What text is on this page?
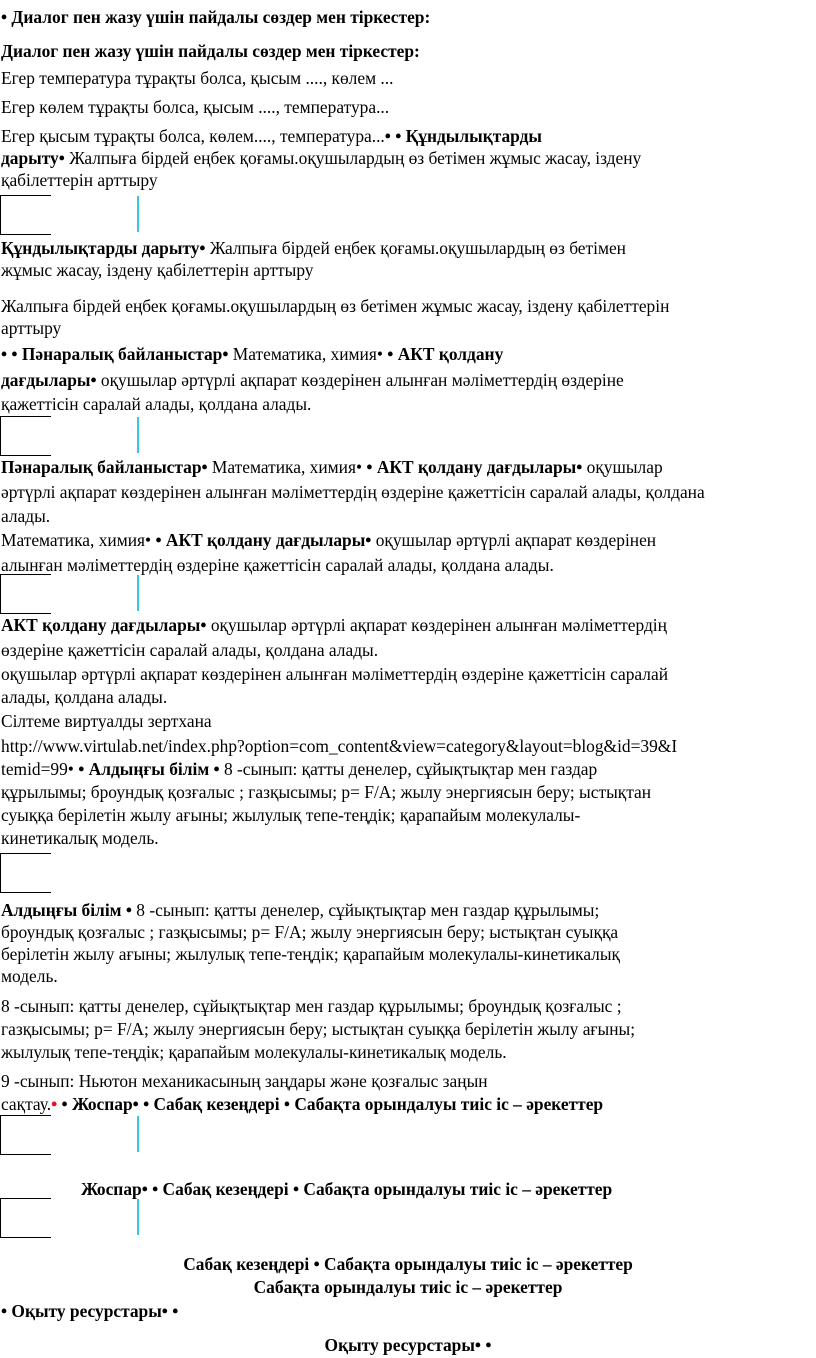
• Диалог пен жазу үшін пайдалы сөздер мен тіркестер:
Диалог пен жазу үшін пайдалы сөздер мен тіркестер:
Егер температура тұрақты болса, қысым ...., көлем ...
Егер көлем тұрақты болса, қысым ...., температура...
Егер қысым тұрақты болса, көлем...., температура...• • Құндылықтарды
дарыту• Жалпыға бірдей еңбек қоғамы.оқушылардың өз бетімен жұмыс жасау, іздену
қабілеттерін арттыру
Құндылықтарды дарыту• Жалпыға бірдей еңбек қоғамы.оқушылардың өз бетімен
жұмыс жасау, іздену қабілеттерін арттыру
Жалпыға бірдей еңбек қоғамы.оқушылардың өз бетімен жұмыс жасау, іздену қабілеттерін
арттыру
• • Пәнаралық байланыстар• Математика, химия• • АКТ қолдану
дағдылары• оқушылар әртүрлі ақпарат көздерінен алынған мәліметтердің өздеріне
қажеттісін саралай алады, қолдана алады.
Пәнаралық байланыстар• Математика, химия• • АКТ қолдану дағдылары• оқушылар
әртүрлі ақпарат көздерінен алынған мәліметтердің өздеріне қажеттісін саралай алады, қолдана
алады.
Математика, химия• • АКТ қолдану дағдылары• оқушылар әртүрлі ақпарат көздерінен
алынған мәліметтердің өздеріне қажеттісін саралай алады, қолдана алады.
АКТ қолдану дағдылары• оқушылар әртүрлі ақпарат көздерінен алынған мәліметтердің
өздеріне қажеттісін саралай алады, қолдана алады.
оқушылар әртүрлі ақпарат көздерінен алынған мәліметтердің өздеріне қажеттісін саралай
алады, қолдана алады.
Сілтеме виртуалды зертхана
http://www.virtulab.net/index.php?option=com_content&view=category&layout=blog&id=39&I
temid=99• • Алдыңғы білім • 8 -сынып: қатты денелер, сұйықтықтар мен газдар
құрылымы; броундық қозғалыс ; газқысымы; p= F/A; жылу энергиясын беру; ыстықтан
суыққа берілетін жылу ағыны; жылулық тепе-теңдік; қарапайым молекулалы-
кинетикалық модель.
Алдыңғы білім • 8 -сынып: қатты денелер, сұйықтықтар мен газдар құрылымы;
броундық қозғалыс ; газқысымы; p= F/A; жылу энергиясын беру; ыстықтан суыққа
берілетін жылу ағыны; жылулық тепе-теңдік; қарапайым молекулалы-кинетикалық
модель.
8 -сынып: қатты денелер, сұйықтықтар мен газдар құрылымы; броундық қозғалыс ;
газқысымы; p= F/A; жылу энергиясын беру; ыстықтан суыққа берілетін жылу ағыны;
жылулық тепе-теңдік; қарапайым молекулалы-кинетикалық модель.
9 -сынып: Ньютон механикасының заңдары және қозғалыс заңын
сақтау.• • Жоспар• • Сабақ кезеңдері • Сабақта орындалуы тиіс іс – әрекеттер
Жоспар• • Сабақ кезеңдері • Сабақта орындалуы тиіс іс – әрекеттер
Сабақ кезеңдері • Сабақта орындалуы тиіс іс – әрекеттер
Сабақта орындалуы тиіс іс – әрекеттер
• Оқыту ресурстары• •
Оқыту ресурстары• •
